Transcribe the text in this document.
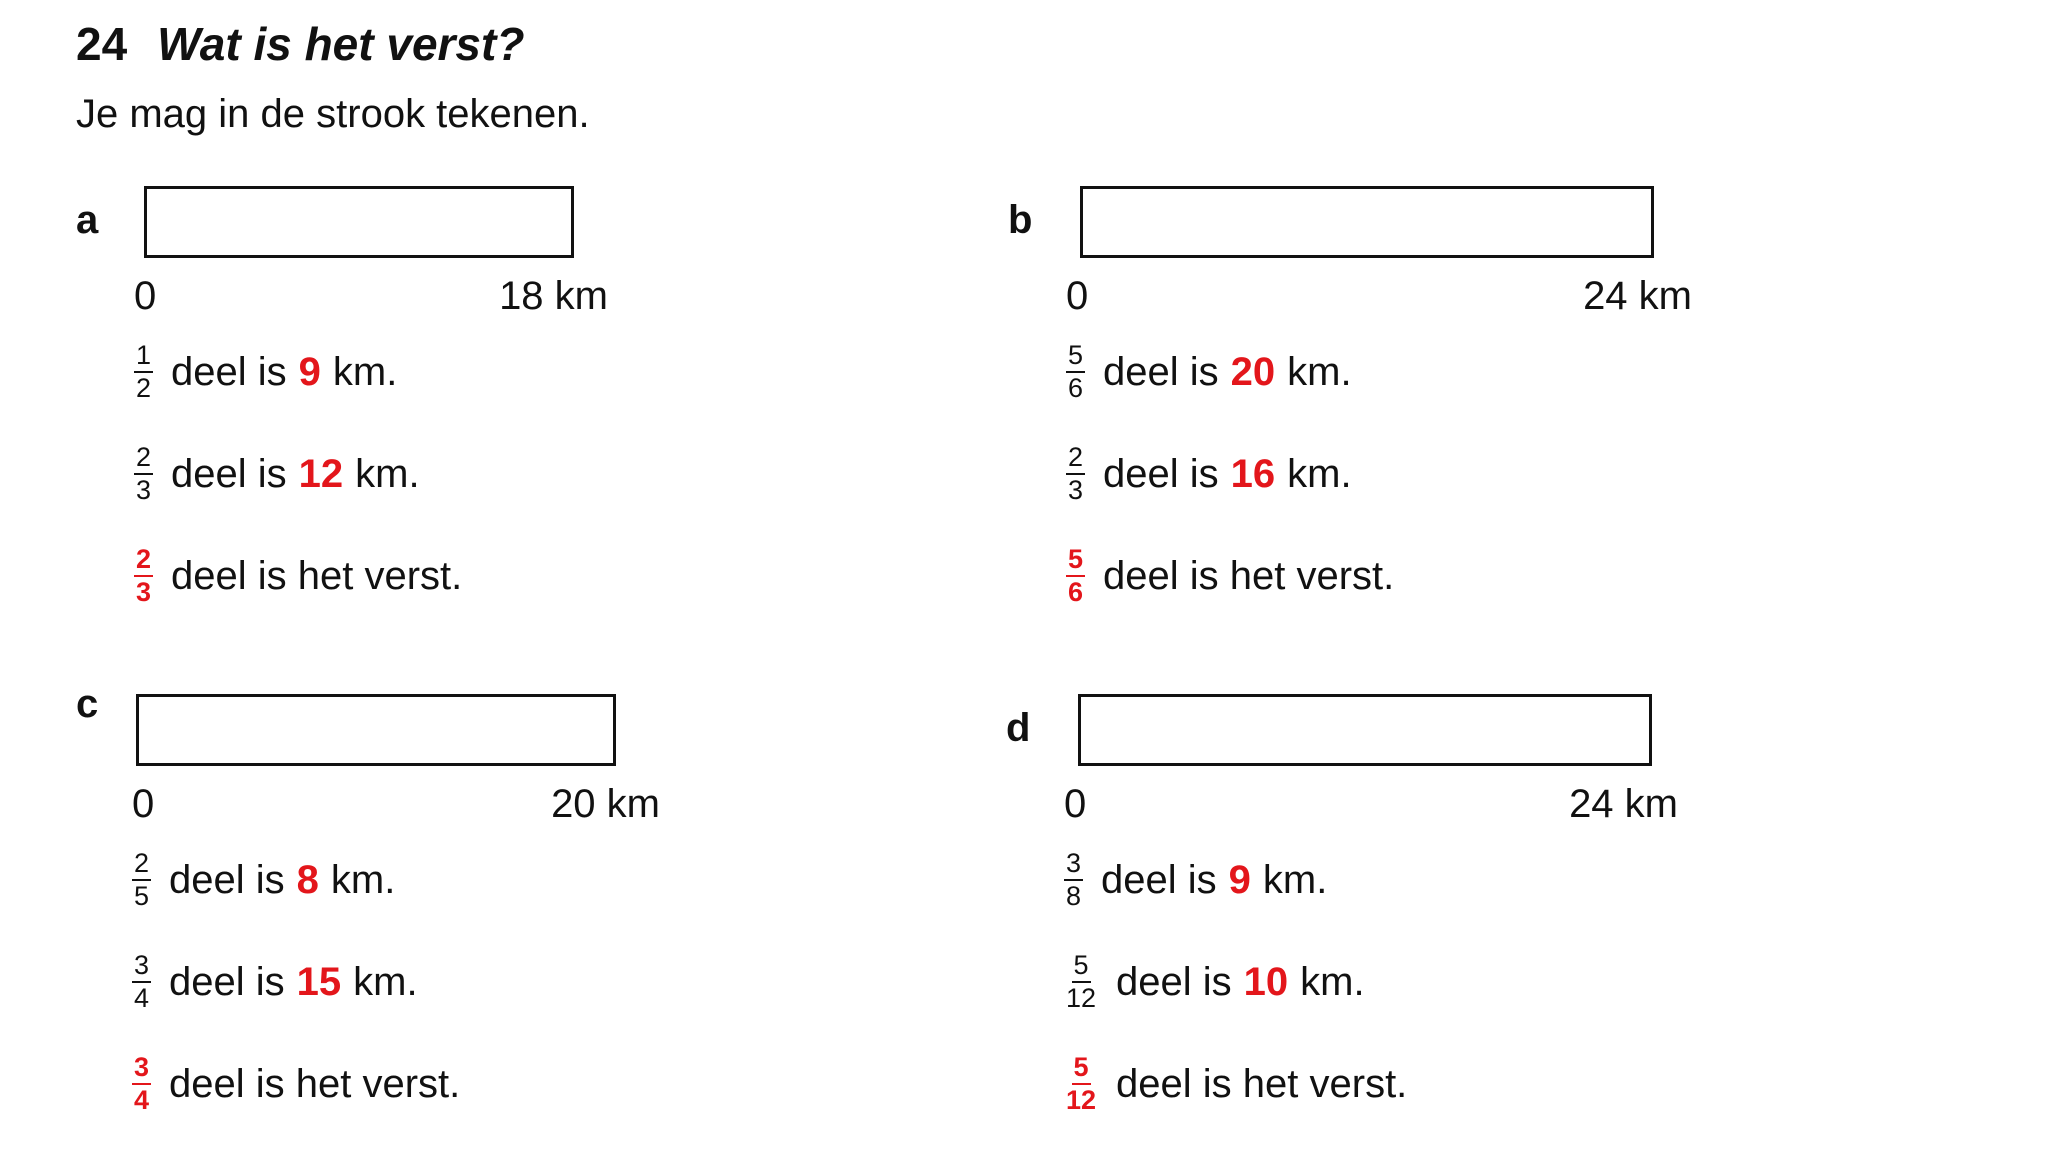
24 Wat is het verst?
Je mag in de strook tekenen.
a
0	18 km
$\frac{1}{2}$ deel is 9 km.
$\frac{2}{3}$ deel is 12 km.
$\frac{2}{3}$ deel is het verst.
b
0	24 km
$\frac{5}{6}$ deel is 20 km.
$\frac{2}{3}$ deel is 16 km.
$\frac{5}{6}$ deel is het verst.
c
0	20 km
$\frac{2}{5}$ deel is 8 km.
$\frac{3}{4}$ deel is 15 km.
$\frac{3}{4}$ deel is het verst.
d
0	24 km
$\frac{3}{8}$ deel is 9 km.
$\frac{5}{12}$ deel is 10 km.
$\frac{5}{12}$ deel is het verst.
